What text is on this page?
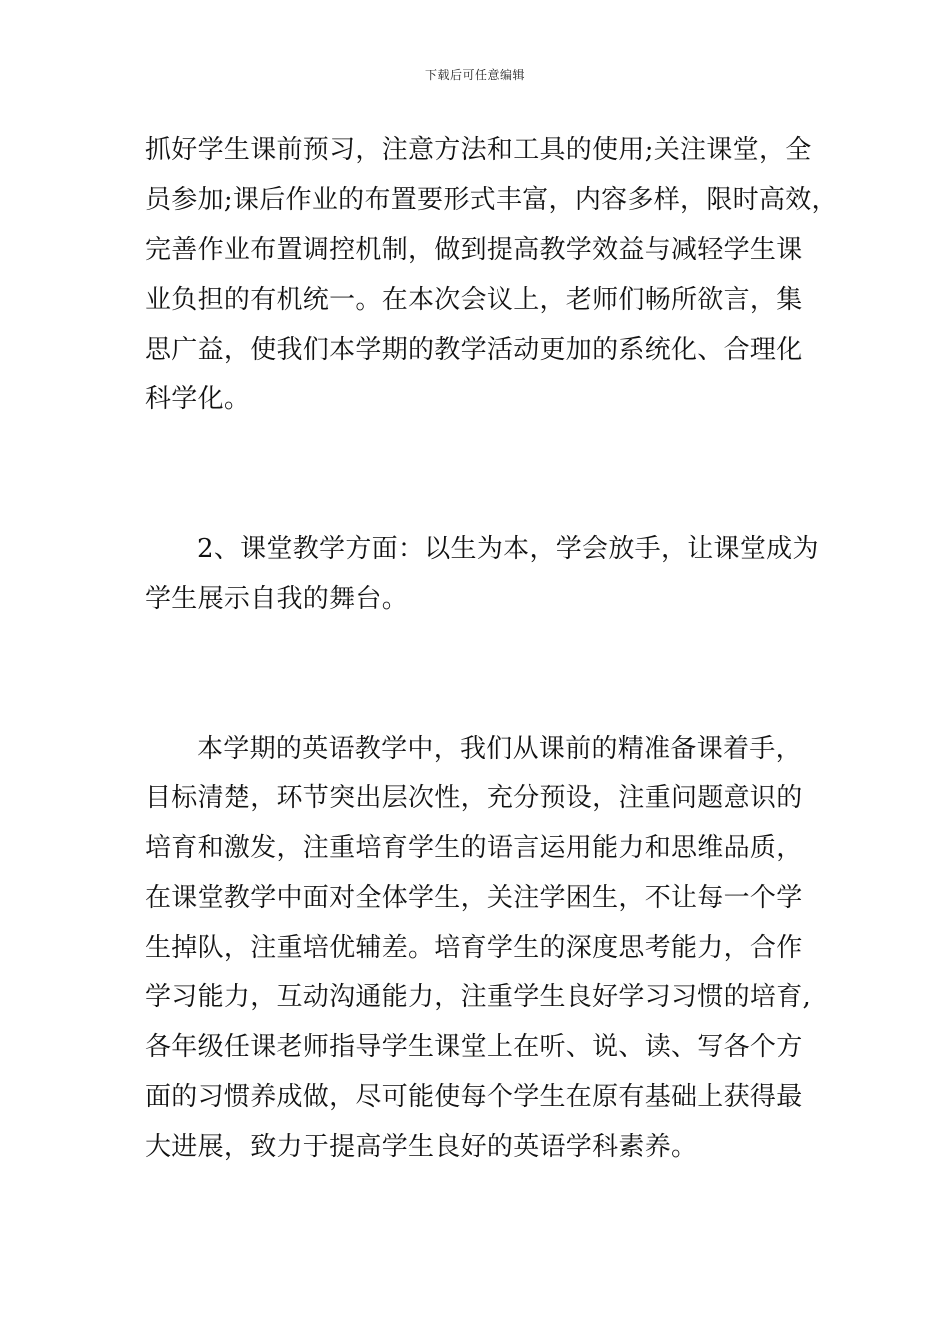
下载后可任意编辑
抓好学生课前预习，注意方法和工具的使用;关注课堂，全
员参加;课后作业的布置要形式丰富，内容多样，限时高效，
完善作业布置调控机制，做到提高教学效益与减轻学生课
业负担的有机统一。在本次会议上，老师们畅所欲言，集
思广益，使我们本学期的教学活动更加的系统化、合理化
科学化。
2、课堂教学方面：以生为本，学会放手，让课堂成为
学生展示自我的舞台。
本学期的英语教学中，我们从课前的精准备课着手，
目标清楚，环节突出层次性，充分预设，注重问题意识的
培育和激发，注重培育学生的语言运用能力和思维品质，
在课堂教学中面对全体学生，关注学困生，不让每一个学
生掉队，注重培优辅差。培育学生的深度思考能力，合作
学习能力，互动沟通能力，注重学生良好学习习惯的培育,
各年级任课老师指导学生课堂上在听、说、读、写各个方
面的习惯养成做，尽可能使每个学生在原有基础上获得最
大进展，致力于提高学生良好的英语学科素养。
